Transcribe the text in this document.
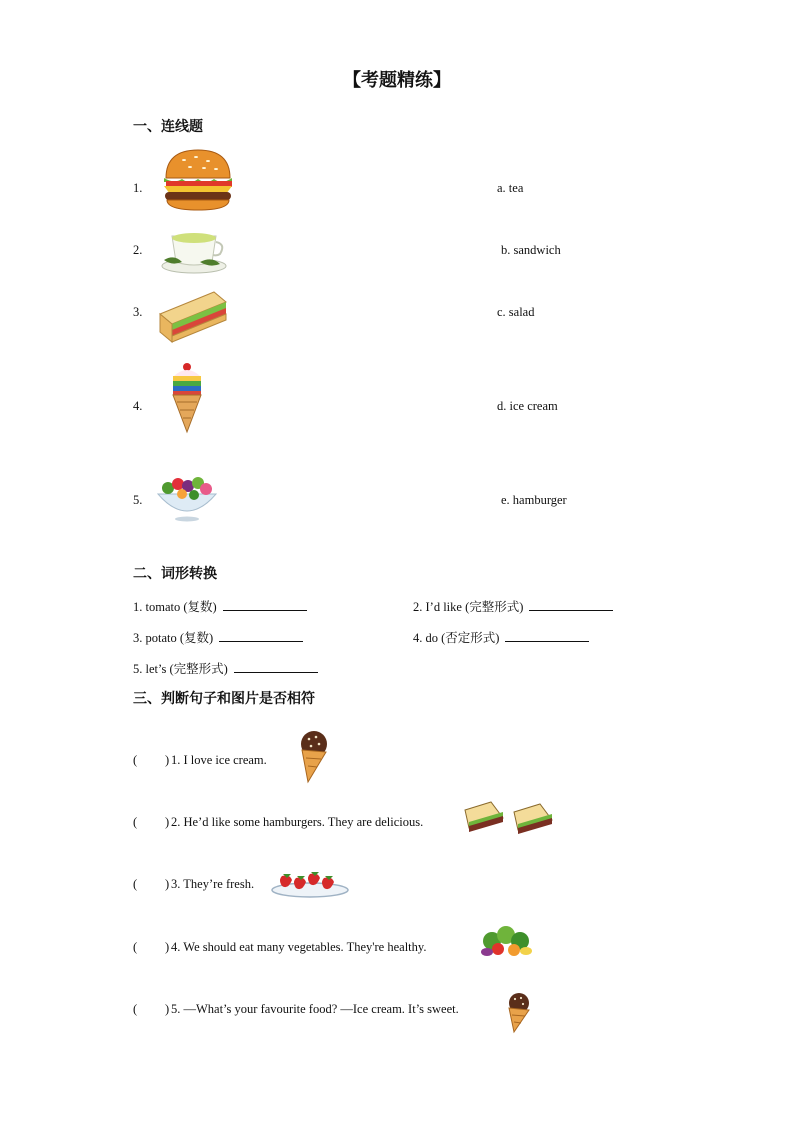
【考题精练】
一、连线题
1.
2.
3.
4.
5.
a. tea
b. sandwich
c. salad
d. ice cream
e. hamburger
二、词形转换
1. tomato (复数)	2. I’d like (完整形式)
3. potato (复数)	4. do (否定形式)
5. let’s (完整形式)
三、判断句子和图片是否相符
( ) 1. I love ice cream.
( ) 2. He’d like some hamburgers. They are delicious.
( ) 3. They’re fresh.
( ) 4. We should eat many vegetables. They're healthy.
( ) 5. —What’s your favourite food? —Ice cream. It’s sweet.
